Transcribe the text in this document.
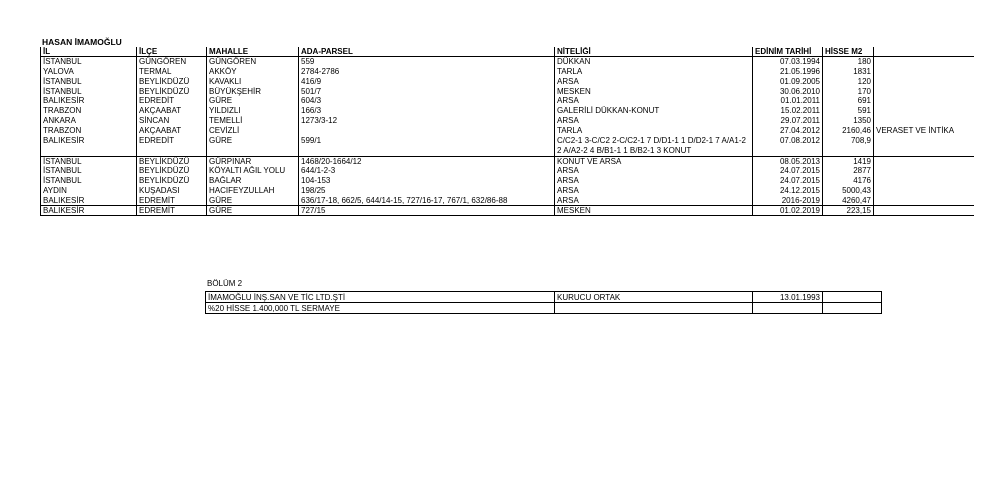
HASAN İMAMOĞLU
İL	İLÇE	MAHALLE	ADA-PARSEL	NİTELİĞİ	EDİNİM TARİHİ	HİSSE M2	
İSTANBUL	GÜNGÖREN	GÜNGÖREN	559	DÜKKAN	07.03.1994	180	
YALOVA	TERMAL	AKKÖY	2784-2786	TARLA	21.05.1996	1831	
İSTANBUL	BEYLİKDÜZÜ	KAVAKLI	416/9	ARSA	01.09.2005	120	
İSTANBUL	BEYLİKDÜZÜ	BÜYÜKŞEHİR	501/7	MESKEN	30.06.2010	170	
BALIKESİR	EDREDİT	GÜRE	604/3	ARSA	01.01.2011	691	
TRABZON	AKÇAABAT	YILDIZLI	166/3	GALERİLİ DÜKKAN-KONUT	15.02.2011	591	
ANKARA	SİNCAN	TEMELLİ	1273/3-12	ARSA	29.07.2011	1350	
TRABZON	AKÇAABAT	CEVİZLİ		TARLA	27.04.2012	2160,46	VERASET VE İNTİKA
BALIKESİR	EDREDİT	GÜRE	599/1	C/C2-1 3-C/C2 2-C/C2-1 7 D/D1-1 1 D/D2-1 7 A/A1-2 2 A/A2-2 4 B/B1-1 1 B/B2-1 3 KONUT	07.08.2012	708,9	
İSTANBUL	BEYLİKDÜZÜ	GÜRPINAR	1468/20-1664/12	KONUT VE ARSA	08.05.2013	1419	
İSTANBUL	BEYLİKDÜZÜ	KÖYALTI AĞIL YOLU	644/1-2-3	ARSA	24.07.2015	2877	
İSTANBUL	BEYLİKDÜZÜ	BAĞLAR	104-153	ARSA	24.07.2015	4176	
AYDIN	KUŞADASI	HACIFEYZULLAH	198/25	ARSA	24.12.2015	5000,43	
BALIKESİR	EDREMİT	GÜRE	636/17-18, 662/5, 644/14-15, 727/16-17, 767/1, 632/86-88	ARSA	2016-2019	4260,47	
BALIKESİR	EDREMİT	GÜRE	727/15	MESKEN	01.02.2019	223,15	
BÖLÜM 2
İMAMOĞLU İNŞ.SAN VE TİC LTD.ŞTİ	KURUCU ORTAK	13.01.1993	
%20 HİSSE 1.400,000 TL SERMAYE			
